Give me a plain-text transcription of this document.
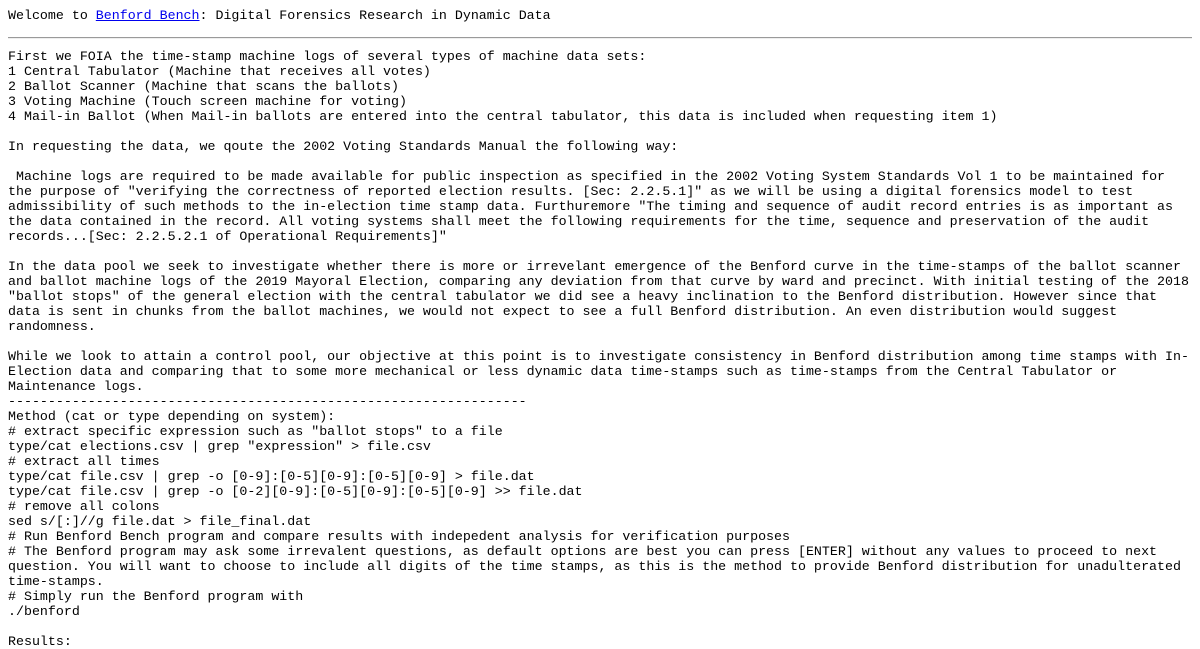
Welcome to Benford Bench: Digital Forensics Research in Dynamic Data
First we FOIA the time-stamp machine logs of several types of machine data sets:
1 Central Tabulator (Machine that receives all votes)
2 Ballot Scanner (Machine that scans the ballots)
3 Voting Machine (Touch screen machine for voting)
4 Mail-in Ballot (When Mail-in ballots are entered into the central tabulator, this data is included when requesting item 1)
In requesting the data, we qoute the 2002 Voting Standards Manual the following way:
Machine logs are required to be made available for public inspection as specified in the 2002 Voting System Standards Vol 1 to be maintained for the purpose of "verifying the correctness of reported election results. [Sec: 2.2.5.1]" as we will be using a digital forensics model to test admissibility of such methods to the in-election time stamp data. Furthuremore "The timing and sequence of audit record entries is as important as the data contained in the record. All voting systems shall meet the following requirements for the time, sequence and preservation of the audit records...[Sec: 2.2.5.2.1 of Operational Requirements]"
In the data pool we seek to investigate whether there is more or irrevelant emergence of the Benford curve in the time-stamps of the ballot scanner and ballot machine logs of the 2019 Mayoral Election, comparing any deviation from that curve by ward and precinct. With initial testing of the 2018 "ballot stops" of the general election with the central tabulator we did see a heavy inclination to the Benford distribution. However since that data is sent in chunks from the ballot machines, we would not expect to see a full Benford distribution. An even distribution would suggest randomness.
While we look to attain a control pool, our objective at this point is to investigate consistency in Benford distribution among time stamps with In-Election data and comparing that to some more mechanical or less dynamic data time-stamps such as time-stamps from the Central Tabulator or Maintenance logs.
-----------------------------------------------------------------
Method (cat or type depending on system):
# extract specific expression such as "ballot stops" to a file
type/cat elections.csv | grep "expression" > file.csv
# extract all times
type/cat file.csv | grep -o [0-9]:[0-5][0-9]:[0-5][0-9] > file.dat
type/cat file.csv | grep -o [0-2][0-9]:[0-5][0-9]:[0-5][0-9] >> file.dat
# remove all colons
sed s/[:]//g file.dat > file_final.dat
# Run Benford Bench program and compare results with indepedent analysis for verification purposes
# The Benford program may ask some irrevalent questions, as default options are best you can press [ENTER] without any values to proceed to next question. You will want to choose to include all digits of the time stamps, as this is the method to provide Benford distribution for unadulterated time-stamps.
# Simply run the Benford program with
./benford
Results:
